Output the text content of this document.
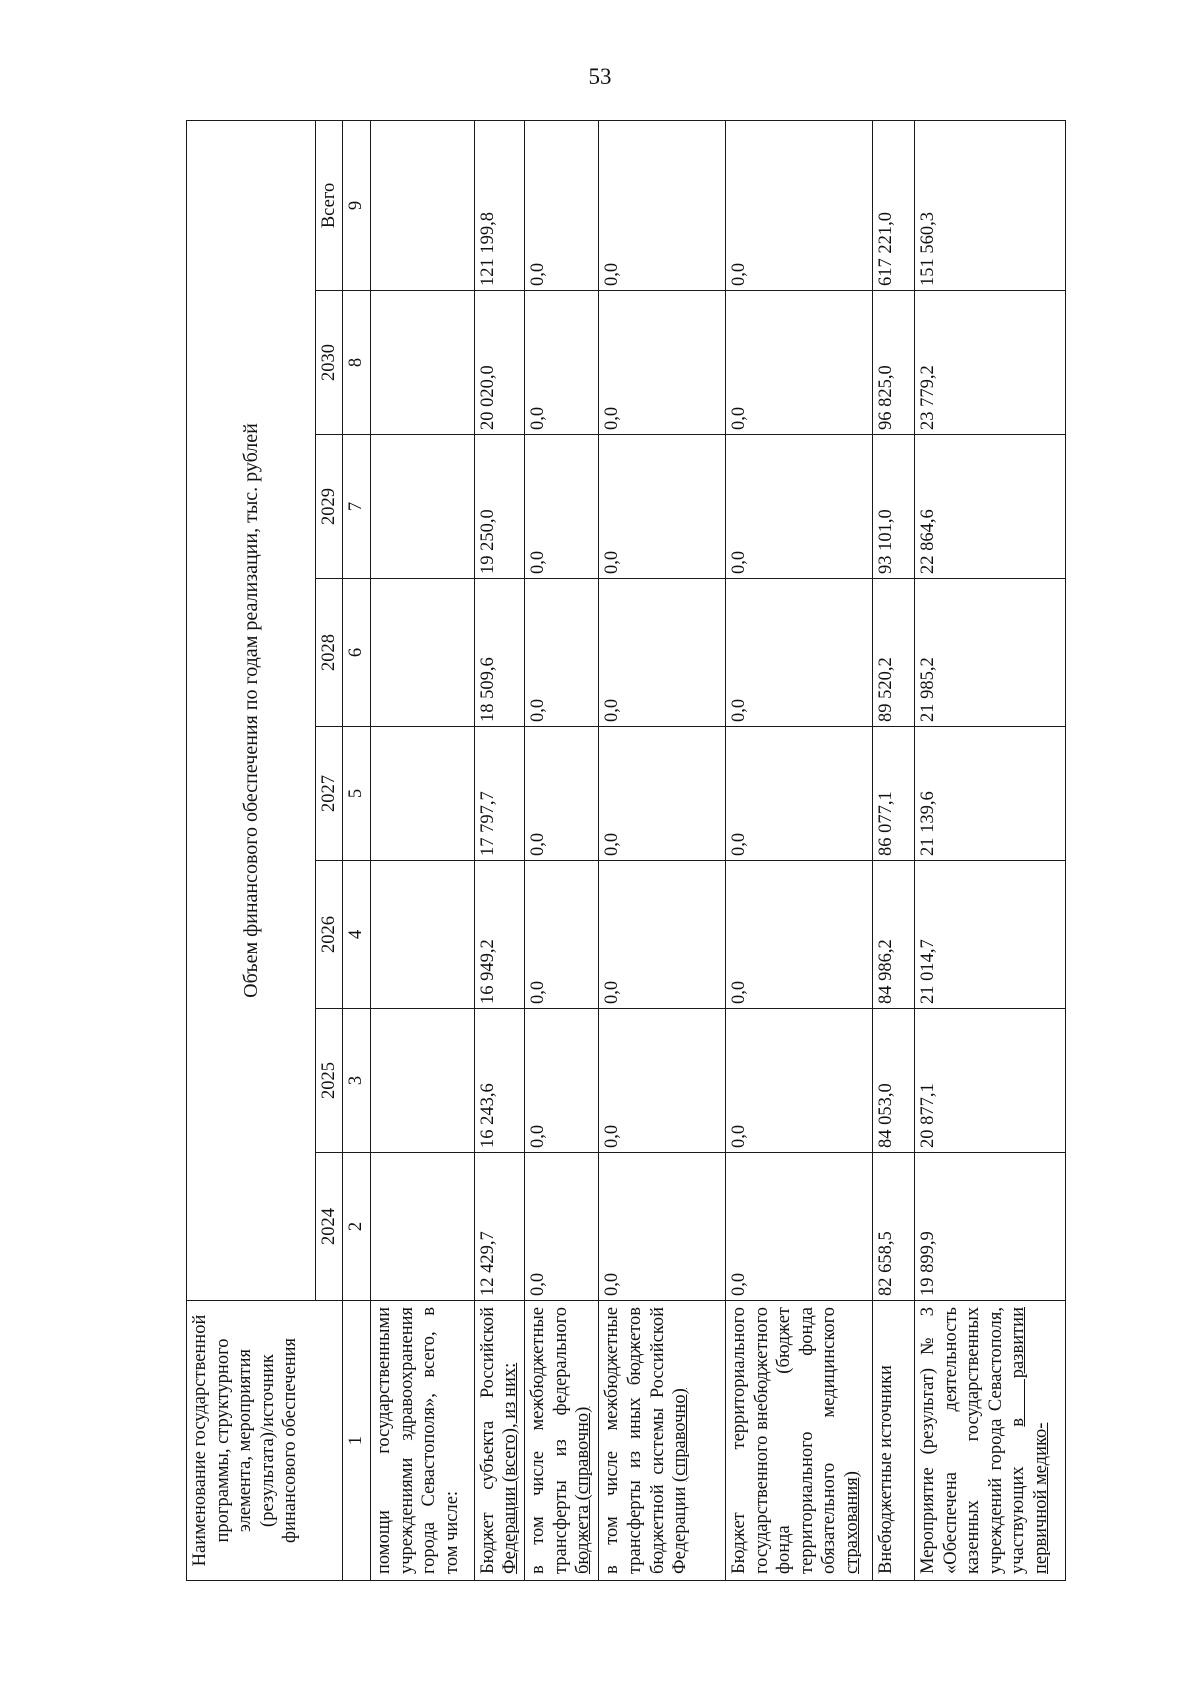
53
Наименование государственной программы, структурного элемента, мероприятия (результата)/источник финансового обеспечения	Объем финансового обеспечения по годам реализации, тыс. рублей							
	2024	2025	2026	2027	2028	2029	2030	Всего
1	2	3	4	5	6	7	8	9
помощи государственными учреждениями здравоохранения города Севастополя», всего, в том числе:								
Бюджет субъекта Российской Федерации (всего), из них:	12 429,7	16 243,6	16 949,2	17 797,7	18 509,6	19 250,0	20 020,0	121 199,8
в том числе межбюджетные трансферты из федерального бюджета (справочно)	0,0	0,0	0,0	0,0	0,0	0,0	0,0	0,0
в том числе межбюджетные трансферты из иных бюджетов бюджетной системы Российской Федерации (справочно)	0,0	0,0	0,0	0,0	0,0	0,0	0,0	0,0
Бюджет территориального государственного внебюджетного фонда (бюджет территориального фонда обязательного медицинского страхования)	0,0	0,0	0,0	0,0	0,0	0,0	0,0	0,0
Внебюджетные источники	82 658,5	84 053,0	84 986,2	86 077,1	89 520,2	93 101,0	96 825,0	617 221,0
Мероприятие (результат) № 3 «Обеспечена деятельность казенных государственных учреждений города Севастополя, участвующих в развитии первичной медико-	19 899,9	20 877,1	21 014,7	21 139,6	21 985,2	22 864,6	23 779,2	151 560,3
